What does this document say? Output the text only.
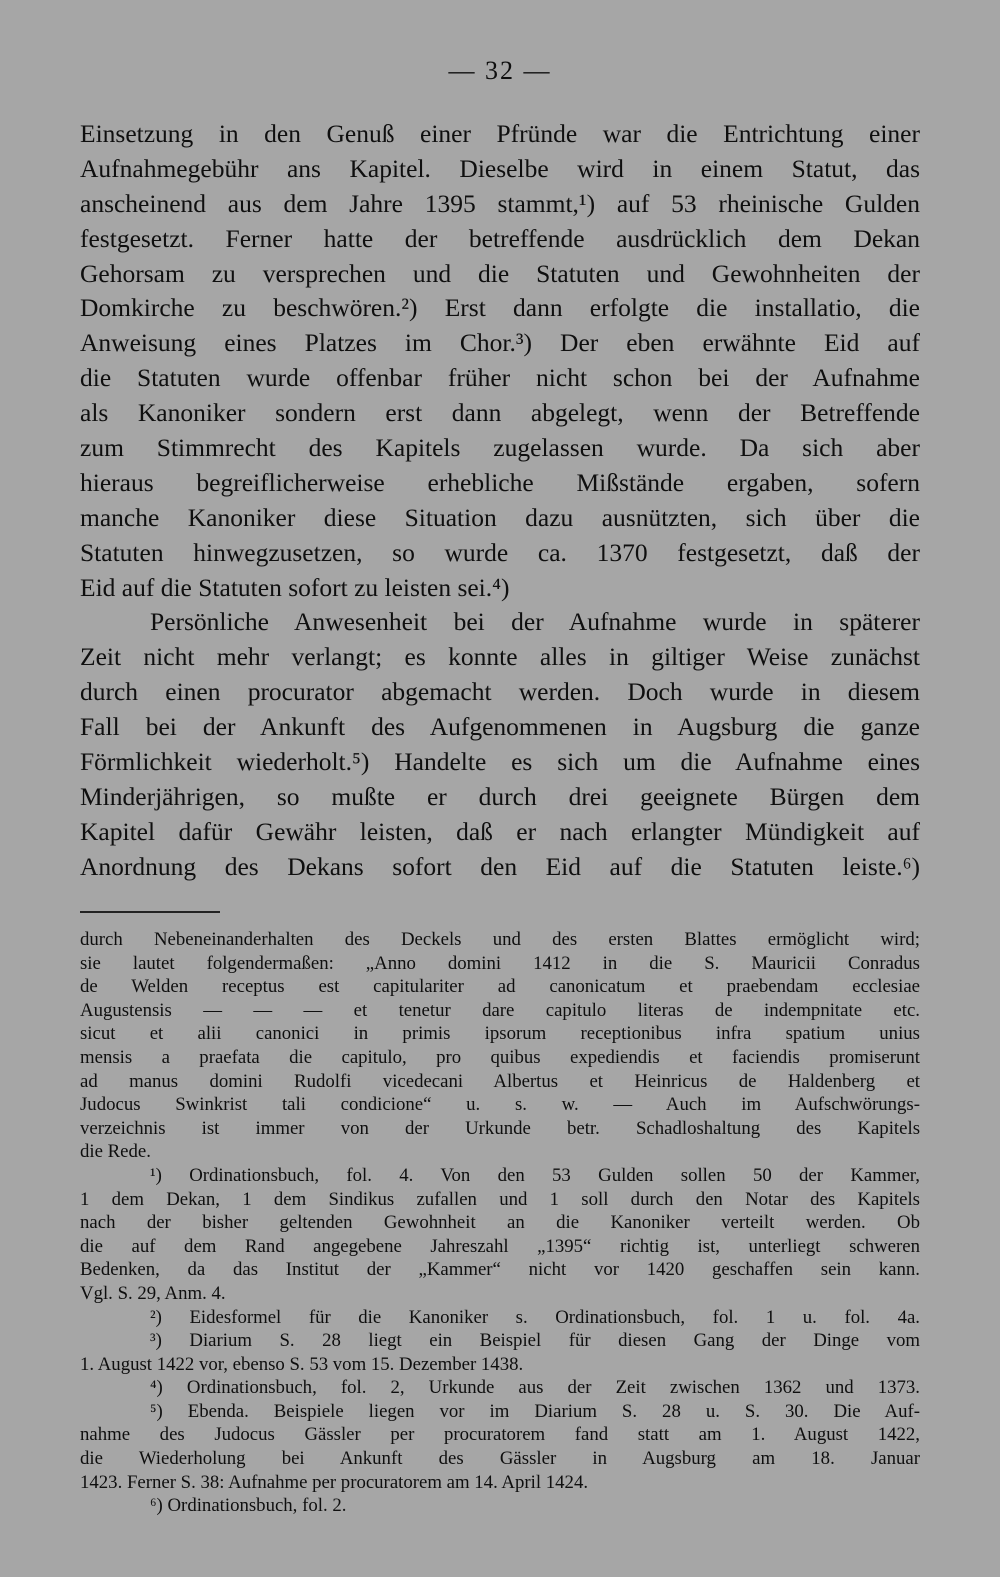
— 32 —
Einsetzung in den Genuß einer Pfründe war die Entrichtung einer
Aufnahmegebühr ans Kapitel. Dieselbe wird in einem Statut, das
anscheinend aus dem Jahre 1395 stammt,¹) auf 53 rheinische Gulden
festgesetzt. Ferner hatte der betreffende ausdrücklich dem Dekan
Gehorsam zu versprechen und die Statuten und Gewohnheiten der
Domkirche zu beschwören.²) Erst dann erfolgte die installatio, die
Anweisung eines Platzes im Chor.³) Der eben erwähnte Eid auf
die Statuten wurde offenbar früher nicht schon bei der Aufnahme
als Kanoniker sondern erst dann abgelegt, wenn der Betreffende
zum Stimmrecht des Kapitels zugelassen wurde. Da sich aber
hieraus begreiflicherweise erhebliche Mißstände ergaben, sofern
manche Kanoniker diese Situation dazu ausnützten, sich über die
Statuten hinwegzusetzen, so wurde ca. 1370 festgesetzt, daß der
Eid auf die Statuten sofort zu leisten sei.⁴)
Persönliche Anwesenheit bei der Aufnahme wurde in späterer
Zeit nicht mehr verlangt; es konnte alles in giltiger Weise zunächst
durch einen procurator abgemacht werden. Doch wurde in diesem
Fall bei der Ankunft des Aufgenommenen in Augsburg die ganze
Förmlichkeit wiederholt.⁵) Handelte es sich um die Aufnahme eines
Minderjährigen, so mußte er durch drei geeignete Bürgen dem
Kapitel dafür Gewähr leisten, daß er nach erlangter Mündigkeit auf
Anordnung des Dekans sofort den Eid auf die Statuten leiste.⁶)
durch Nebeneinanderhalten des Deckels und des ersten Blattes ermöglicht wird;
sie lautet folgendermaßen: „Anno domini 1412 in die S. Mauricii Conradus
de Welden receptus est capitulariter ad canonicatum et praebendam ecclesiae
Augustensis — — — et tenetur dare capitulo literas de indempnitate etc.
sicut et alii canonici in primis ipsorum receptionibus infra spatium unius
mensis a praefata die capitulo, pro quibus expediendis et faciendis promiserunt
ad manus domini Rudolfi vicedecani Albertus et Heinricus de Haldenberg et
Judocus Swinkrist tali condicione“ u. s. w. — Auch im Aufschwörungs-
verzeichnis ist immer von der Urkunde betr. Schadloshaltung des Kapitels
die Rede.
¹) Ordinationsbuch, fol. 4. Von den 53 Gulden sollen 50 der Kammer,
1 dem Dekan, 1 dem Sindikus zufallen und 1 soll durch den Notar des Kapitels
nach der bisher geltenden Gewohnheit an die Kanoniker verteilt werden. Ob
die auf dem Rand angegebene Jahreszahl „1395“ richtig ist, unterliegt schweren
Bedenken, da das Institut der „Kammer“ nicht vor 1420 geschaffen sein kann.
Vgl. S. 29, Anm. 4.
²) Eidesformel für die Kanoniker s. Ordinationsbuch, fol. 1 u. fol. 4a.
³) Diarium S. 28 liegt ein Beispiel für diesen Gang der Dinge vom
1. August 1422 vor, ebenso S. 53 vom 15. Dezember 1438.
⁴) Ordinationsbuch, fol. 2, Urkunde aus der Zeit zwischen 1362 und 1373.
⁵) Ebenda. Beispiele liegen vor im Diarium S. 28 u. S. 30. Die Auf-
nahme des Judocus Gässler per procuratorem fand statt am 1. August 1422,
die Wiederholung bei Ankunft des Gässler in Augsburg am 18. Januar
1423. Ferner S. 38: Aufnahme per procuratorem am 14. April 1424.
⁶) Ordinationsbuch, fol. 2.
